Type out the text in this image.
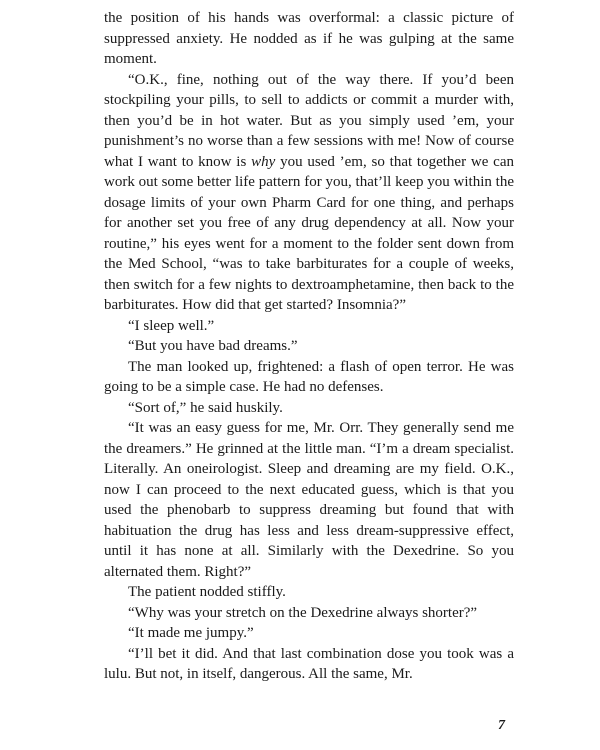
the position of his hands was overformal: a classic picture of suppressed anxiety. He nodded as if he was gulping at the same moment.

“O.K., fine, nothing out of the way there. If you’d been stockpiling your pills, to sell to addicts or commit a murder with, then you’d be in hot water. But as you simply used ’em, your punishment’s no worse than a few sessions with me! Now of course what I want to know is why you used ’em, so that together we can work out some better life pattern for you, that’ll keep you within the dosage limits of your own Pharm Card for one thing, and perhaps for another set you free of any drug dependency at all. Now your routine,” his eyes went for a moment to the folder sent down from the Med School, “was to take barbiturates for a couple of weeks, then switch for a few nights to dextroamphetamine, then back to the barbiturates. How did that get started? Insomnia?”

“I sleep well.”

“But you have bad dreams.”

The man looked up, frightened: a flash of open terror. He was going to be a simple case. He had no defenses.

“Sort of,” he said huskily.

“It was an easy guess for me, Mr. Orr. They generally send me the dreamers.” He grinned at the little man. “I’m a dream specialist. Literally. An oneirologist. Sleep and dreaming are my field. O.K., now I can proceed to the next educated guess, which is that you used the phenobarb to suppress dreaming but found that with habituation the drug has less and less dream-suppressive effect, until it has none at all. Similarly with the Dexedrine. So you alternated them. Right?”

The patient nodded stiffly.

“Why was your stretch on the Dexedrine always shorter?”

“It made me jumpy.”

“I’ll bet it did. And that last combination dose you took was a lulu. But not, in itself, dangerous. All the same, Mr.

7
